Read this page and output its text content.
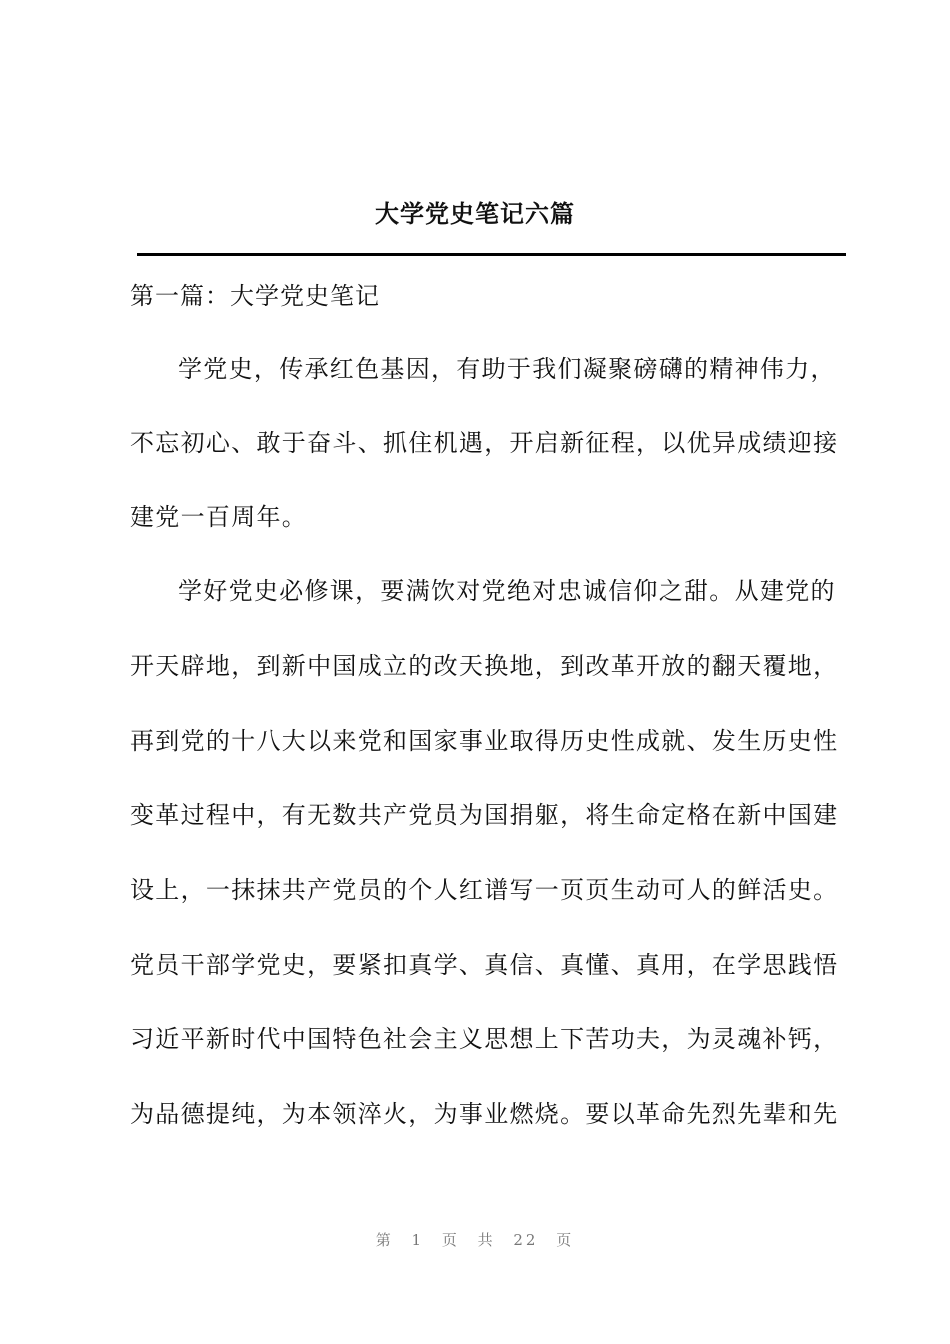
大学党史笔记六篇
第一篇：大学党史笔记
学党史，传承红色基因，有助于我们凝聚磅礴的精神伟力，
不忘初心、敢于奋斗、抓住机遇，开启新征程，以优异成绩迎接
建党一百周年。
学好党史必修课，要满饮对党绝对忠诚信仰之甜。从建党的
开天辟地，到新中国成立的改天换地，到改革开放的翻天覆地，
再到党的十八大以来党和国家事业取得历史性成就、发生历史性
变革过程中，有无数共产党员为国捐躯，将生命定格在新中国建
设上，一抹抹共产党员的个人红谱写一页页生动可人的鲜活史。
党员干部学党史，要紧扣真学、真信、真懂、真用，在学思践悟
习近平新时代中国特色社会主义思想上下苦功夫，为灵魂补钙，
为品德提纯，为本领淬火，为事业燃烧。要以革命先烈先辈和先
第 1 页 共 22 页
